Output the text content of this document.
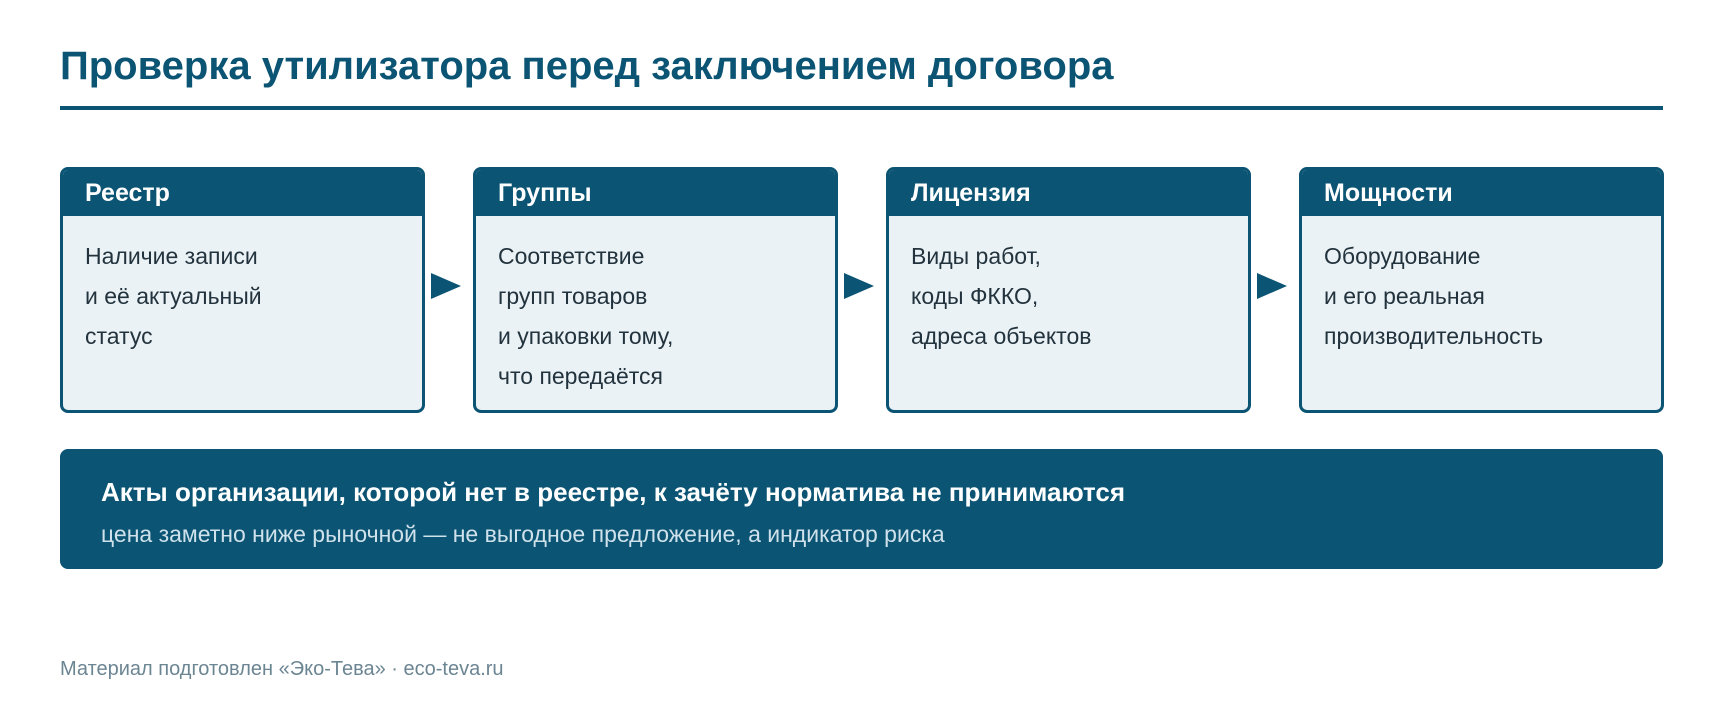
Проверка утилизатора перед заключением договора
Реестр
Наличие записи
и её актуальный
статус
Группы
Соответствие
групп товаров
и упаковки тому,
что передаётся
Лицензия
Виды работ,
коды ФККО,
адреса объектов
Мощности
Оборудование
и его реальная
производительность
Акты организации, которой нет в реестре, к зачёту норматива не принимаются
цена заметно ниже рыночной — не выгодное предложение, а индикатор риска
Материал подготовлен «Эко-Тева» · eco-teva.ru
